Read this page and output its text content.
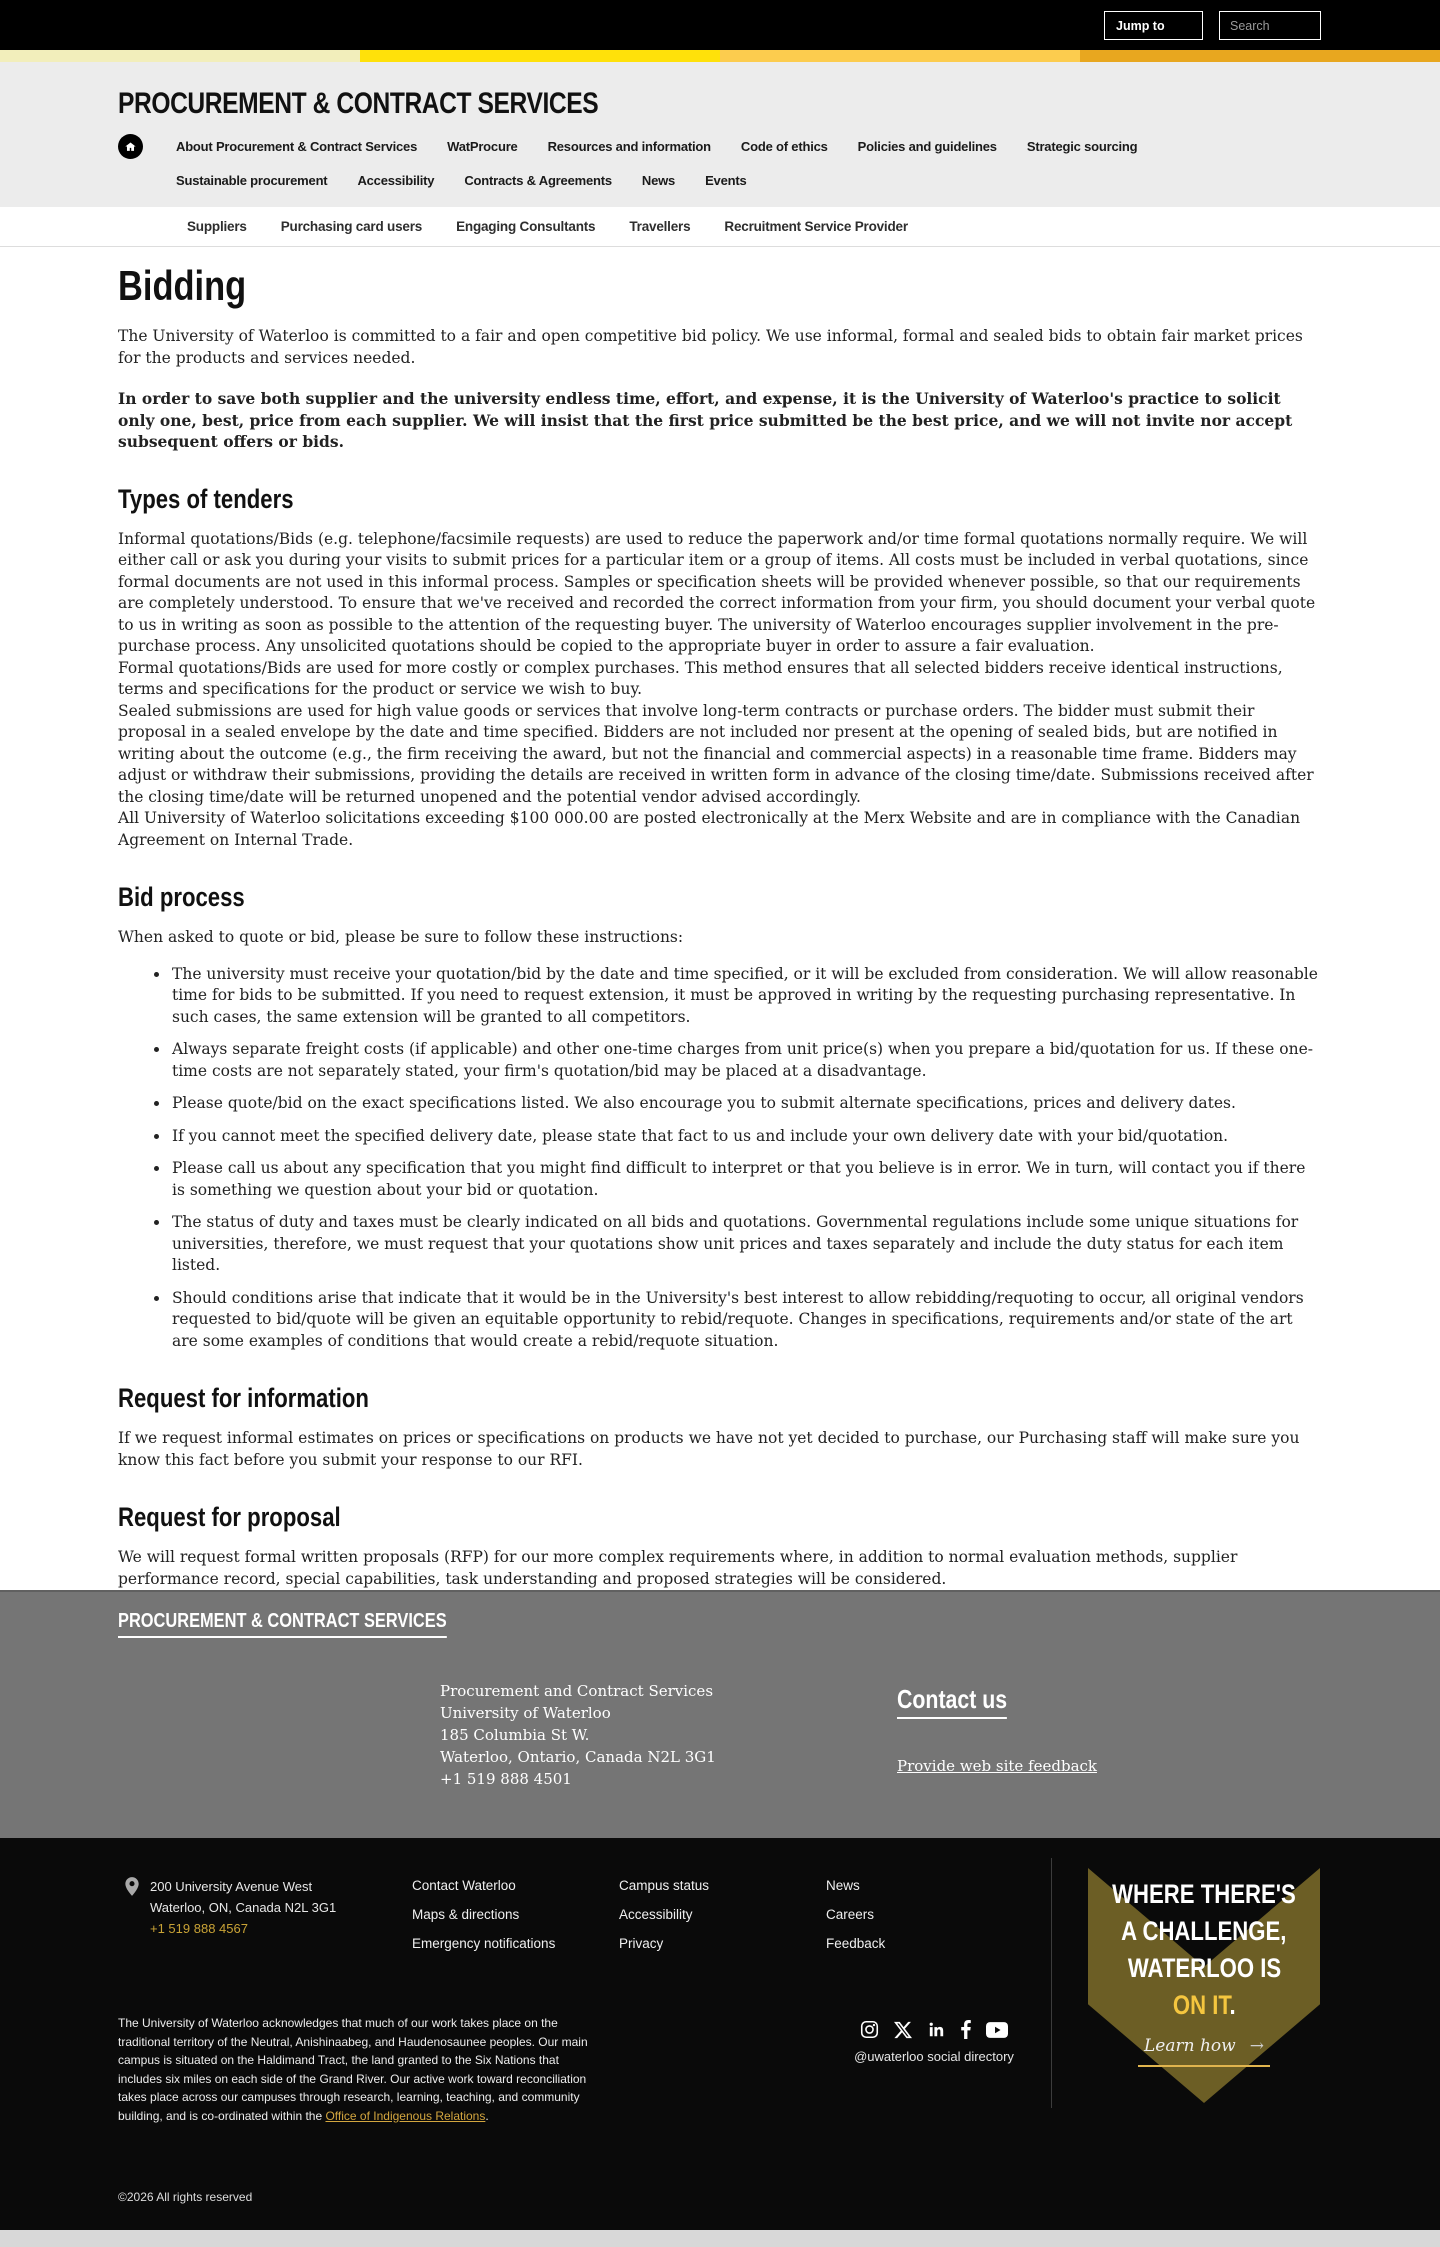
Jump to
Search
PROCUREMENT & CONTRACT SERVICES
About Procurement & Contract Services WatProcure Resources and information Code of ethics Policies and guidelines Strategic sourcing
Sustainable procurement Accessibility Contracts & Agreements News Events
Suppliers	Purchasing card users	Engaging Consultants	Travellers	Recruitment Service Provider
Bidding

The University of Waterloo is committed to a fair and open competitive bid policy. We use informal, formal and sealed bids to obtain fair market prices for the products and services needed.

In order to save both supplier and the university endless time, effort, and expense, it is the University of Waterloo's practice to solicit only one, best, price from each supplier. We will insist that the first price submitted be the best price, and we will not invite nor accept subsequent offers or bids.

Types of tenders

Informal quotations/Bids (e.g. telephone/facsimile requests) are used to reduce the paperwork and/or time formal quotations normally require. We will either call or ask you during your visits to submit prices for a particular item or a group of items. All costs must be included in verbal quotations, since formal documents are not used in this informal process. Samples or specification sheets will be provided whenever possible, so that our requirements are completely understood. To ensure that we've received and recorded the correct information from your firm, you should document your verbal quote to us in writing as soon as possible to the attention of the requesting buyer. The university of Waterloo encourages supplier involvement in the pre-purchase process. Any unsolicited quotations should be copied to the appropriate buyer in order to assure a fair evaluation.

Formal quotations/Bids are used for more costly or complex purchases. This method ensures that all selected bidders receive identical instructions, terms and specifications for the product or service we wish to buy.

Sealed submissions are used for high value goods or services that involve long-term contracts or purchase orders. The bidder must submit their proposal in a sealed envelope by the date and time specified. Bidders are not included nor present at the opening of sealed bids, but are notified in writing about the outcome (e.g., the firm receiving the award, but not the financial and commercial aspects) in a reasonable time frame. Bidders may adjust or withdraw their submissions, providing the details are received in written form in advance of the closing time/date. Submissions received after the closing time/date will be returned unopened and the potential vendor advised accordingly.

All University of Waterloo solicitations exceeding $100 000.00 are posted electronically at the Merx Website and are in compliance with the Canadian Agreement on Internal Trade.

Bid process

When asked to quote or bid, please be sure to follow these instructions:

• The university must receive your quotation/bid by the date and time specified, or it will be excluded from consideration. We will allow reasonable time for bids to be submitted. If you need to request extension, it must be approved in writing by the requesting purchasing representative. In such cases, the same extension will be granted to all competitors.
• Always separate freight costs (if applicable) and other one-time charges from unit price(s) when you prepare a bid/quotation for us. If these one-time costs are not separately stated, your firm's quotation/bid may be placed at a disadvantage.
• Please quote/bid on the exact specifications listed. We also encourage you to submit alternate specifications, prices and delivery dates.
• If you cannot meet the specified delivery date, please state that fact to us and include your own delivery date with your bid/quotation.
• Please call us about any specification that you might find difficult to interpret or that you believe is in error. We in turn, will contact you if there is something we question about your bid or quotation.
• The status of duty and taxes must be clearly indicated on all bids and quotations. Governmental regulations include some unique situations for universities, therefore, we must request that your quotations show unit prices and taxes separately and include the duty status for each item listed.
• Should conditions arise that indicate that it would be in the University's best interest to allow rebidding/requoting to occur, all original vendors requested to bid/quote will be given an equitable opportunity to rebid/requote. Changes in specifications, requirements and/or state of the art are some examples of conditions that would create a rebid/requote situation.
Request for information

If we request informal estimates on prices or specifications on products we have not yet decided to purchase, our Purchasing staff will make sure you know this fact before you submit your response to our RFI.

Request for proposal

We will request formal written proposals (RFP) for our more complex requirements where, in addition to normal evaluation methods, supplier performance record, special capabilities, task understanding and proposed strategies will be considered.

PROCUREMENT & CONTRACT SERVICES
Procurement and Contract Services
University of Waterloo
185 Columbia St W.
Waterloo, Ontario, Canada N2L 3G1
+1 519 888 4501
Contact us
Provide web site feedback
200 University Avenue West
Waterloo, ON, Canada N2L 3G1
+1 519 888 4567
Contact Waterloo
Maps & directions
Emergency notifications
Campus status
Accessibility
Privacy
News
Careers
Feedback
WHERE THERE'S
A CHALLENGE,
WATERLOO IS
ON IT.
Learn how →
The University of Waterloo acknowledges that much of our work takes place on the traditional territory of the Neutral, Anishinaabeg, and Haudenosaunee peoples. Our main campus is situated on the Haldimand Tract, the land granted to the Six Nations that includes six miles on each side of the Grand River. Our active work toward reconciliation takes place across our campuses through research, learning, teaching, and community building, and is co-ordinated within the Office of Indigenous Relations.
@uwaterloo social directory
©2026 All rights reserved
